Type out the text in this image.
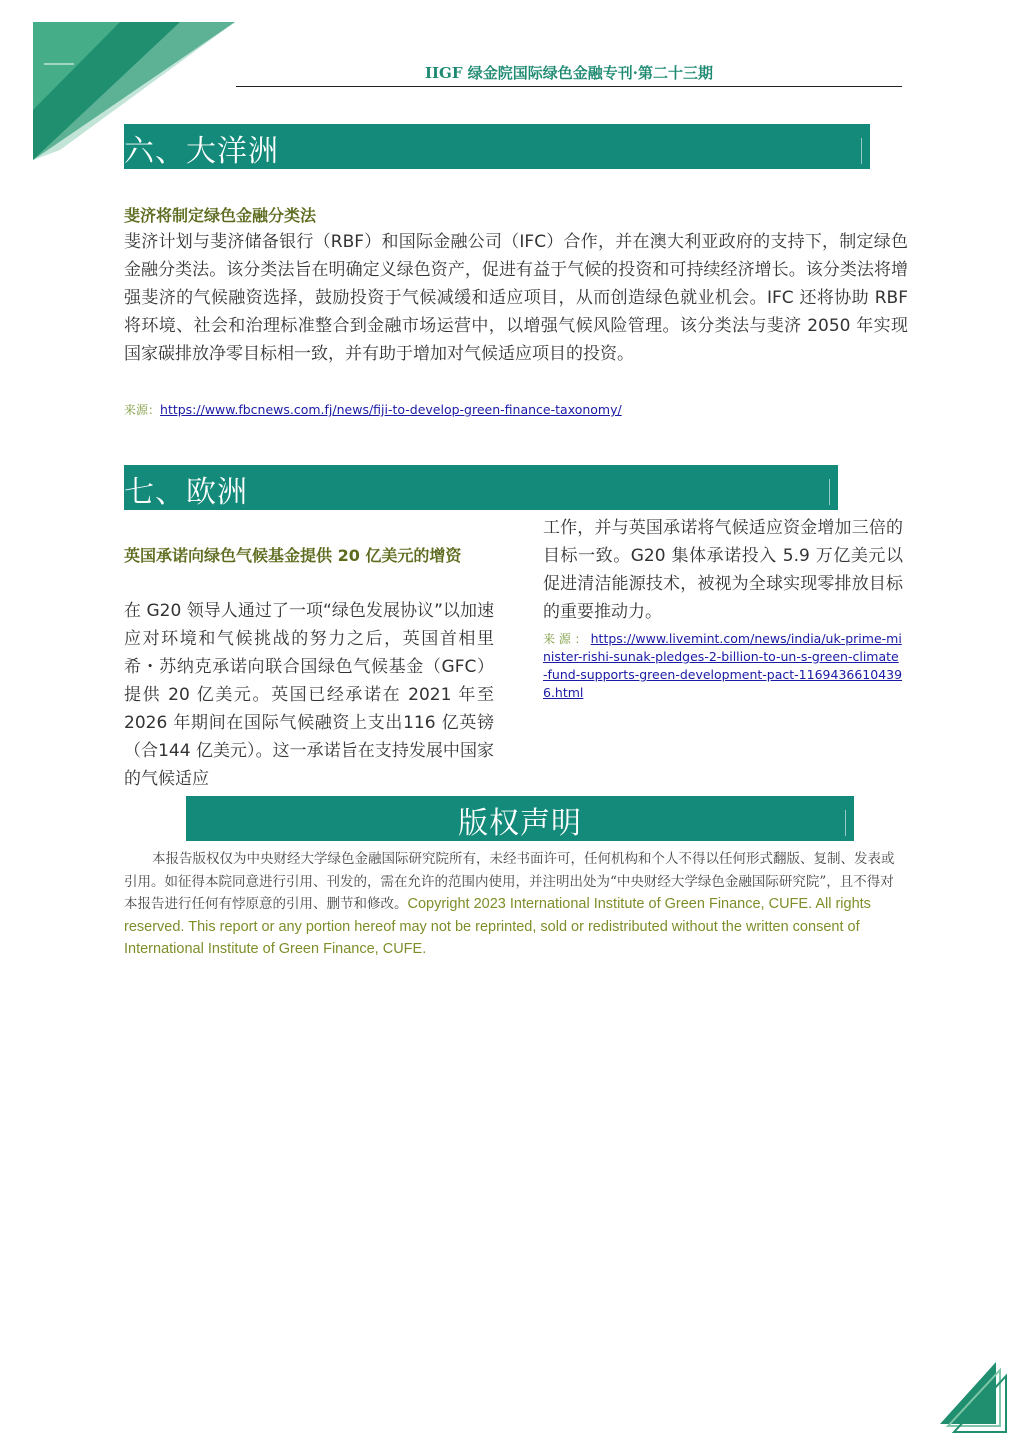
IIGF 绿金院国际绿色金融专刊·第二十三期
六、大洋洲
斐济将制定绿色金融分类法
斐济计划与斐济储备银行（RBF）和国际金融公司（IFC）合作，并在澳大利亚政府的支持下，制定绿色金融分类法。该分类法旨在明确定义绿色资产，促进有益于气候的投资和可持续经济增长。该分类法将增强斐济的气候融资选择，鼓励投资于气候减缓和适应项目，从而创造绿色就业机会。IFC 还将协助 RBF 将环境、社会和治理标准整合到金融市场运营中，以增强气候风险管理。该分类法与斐济 2050 年实现国家碳排放净零目标相一致，并有助于增加对气候适应项目的投资。
来源：https://www.fbcnews.com.fj/news/fiji-to-develop-green-finance-taxonomy/
七、欧洲
英国承诺向绿色气候基金提供 20 亿美元的增资
在 G20 领导人通过了一项“绿色发展协议”以加速应对环境和气候挑战的努力之后，英国首相里希・苏纳克承诺向联合国绿色气候基金（GFC）提供 20 亿美元。英国已经承诺在 2021 年至 2026 年期间在国际气候融资上支出116 亿英镑（合144 亿美元）。这一承诺旨在支持发展中国家的气候适应
工作，并与英国承诺将气候适应资金增加三倍的目标一致。G20 集体承诺投入 5.9 万亿美元以促进清洁能源技术，被视为全球实现零排放目标的重要推动力。
来 源 ： https://www.livemint.com/news/india/uk-prime-minister-rishi-sunak-pledges-2-billion-to-un-s-green-climate-fund-supports-green-development-pact-11694366104396.html
版权声明
本报告版权仅为中央财经大学绿色金融国际研究院所有，未经书面许可，任何机构和个人不得以任何形式翻版、复制、发表或引用。如征得本院同意进行引用、刊发的，需在允许的范围内使用，并注明出处为“中央财经大学绿色金融国际研究院”，且不得对本报告进行任何有悖原意的引用、删节和修改。Copyright 2023 International Institute of Green Finance, CUFE. All rights reserved. This report or any portion hereof may not be reprinted, sold or redistributed without the written consent of International Institute of Green Finance, CUFE.
